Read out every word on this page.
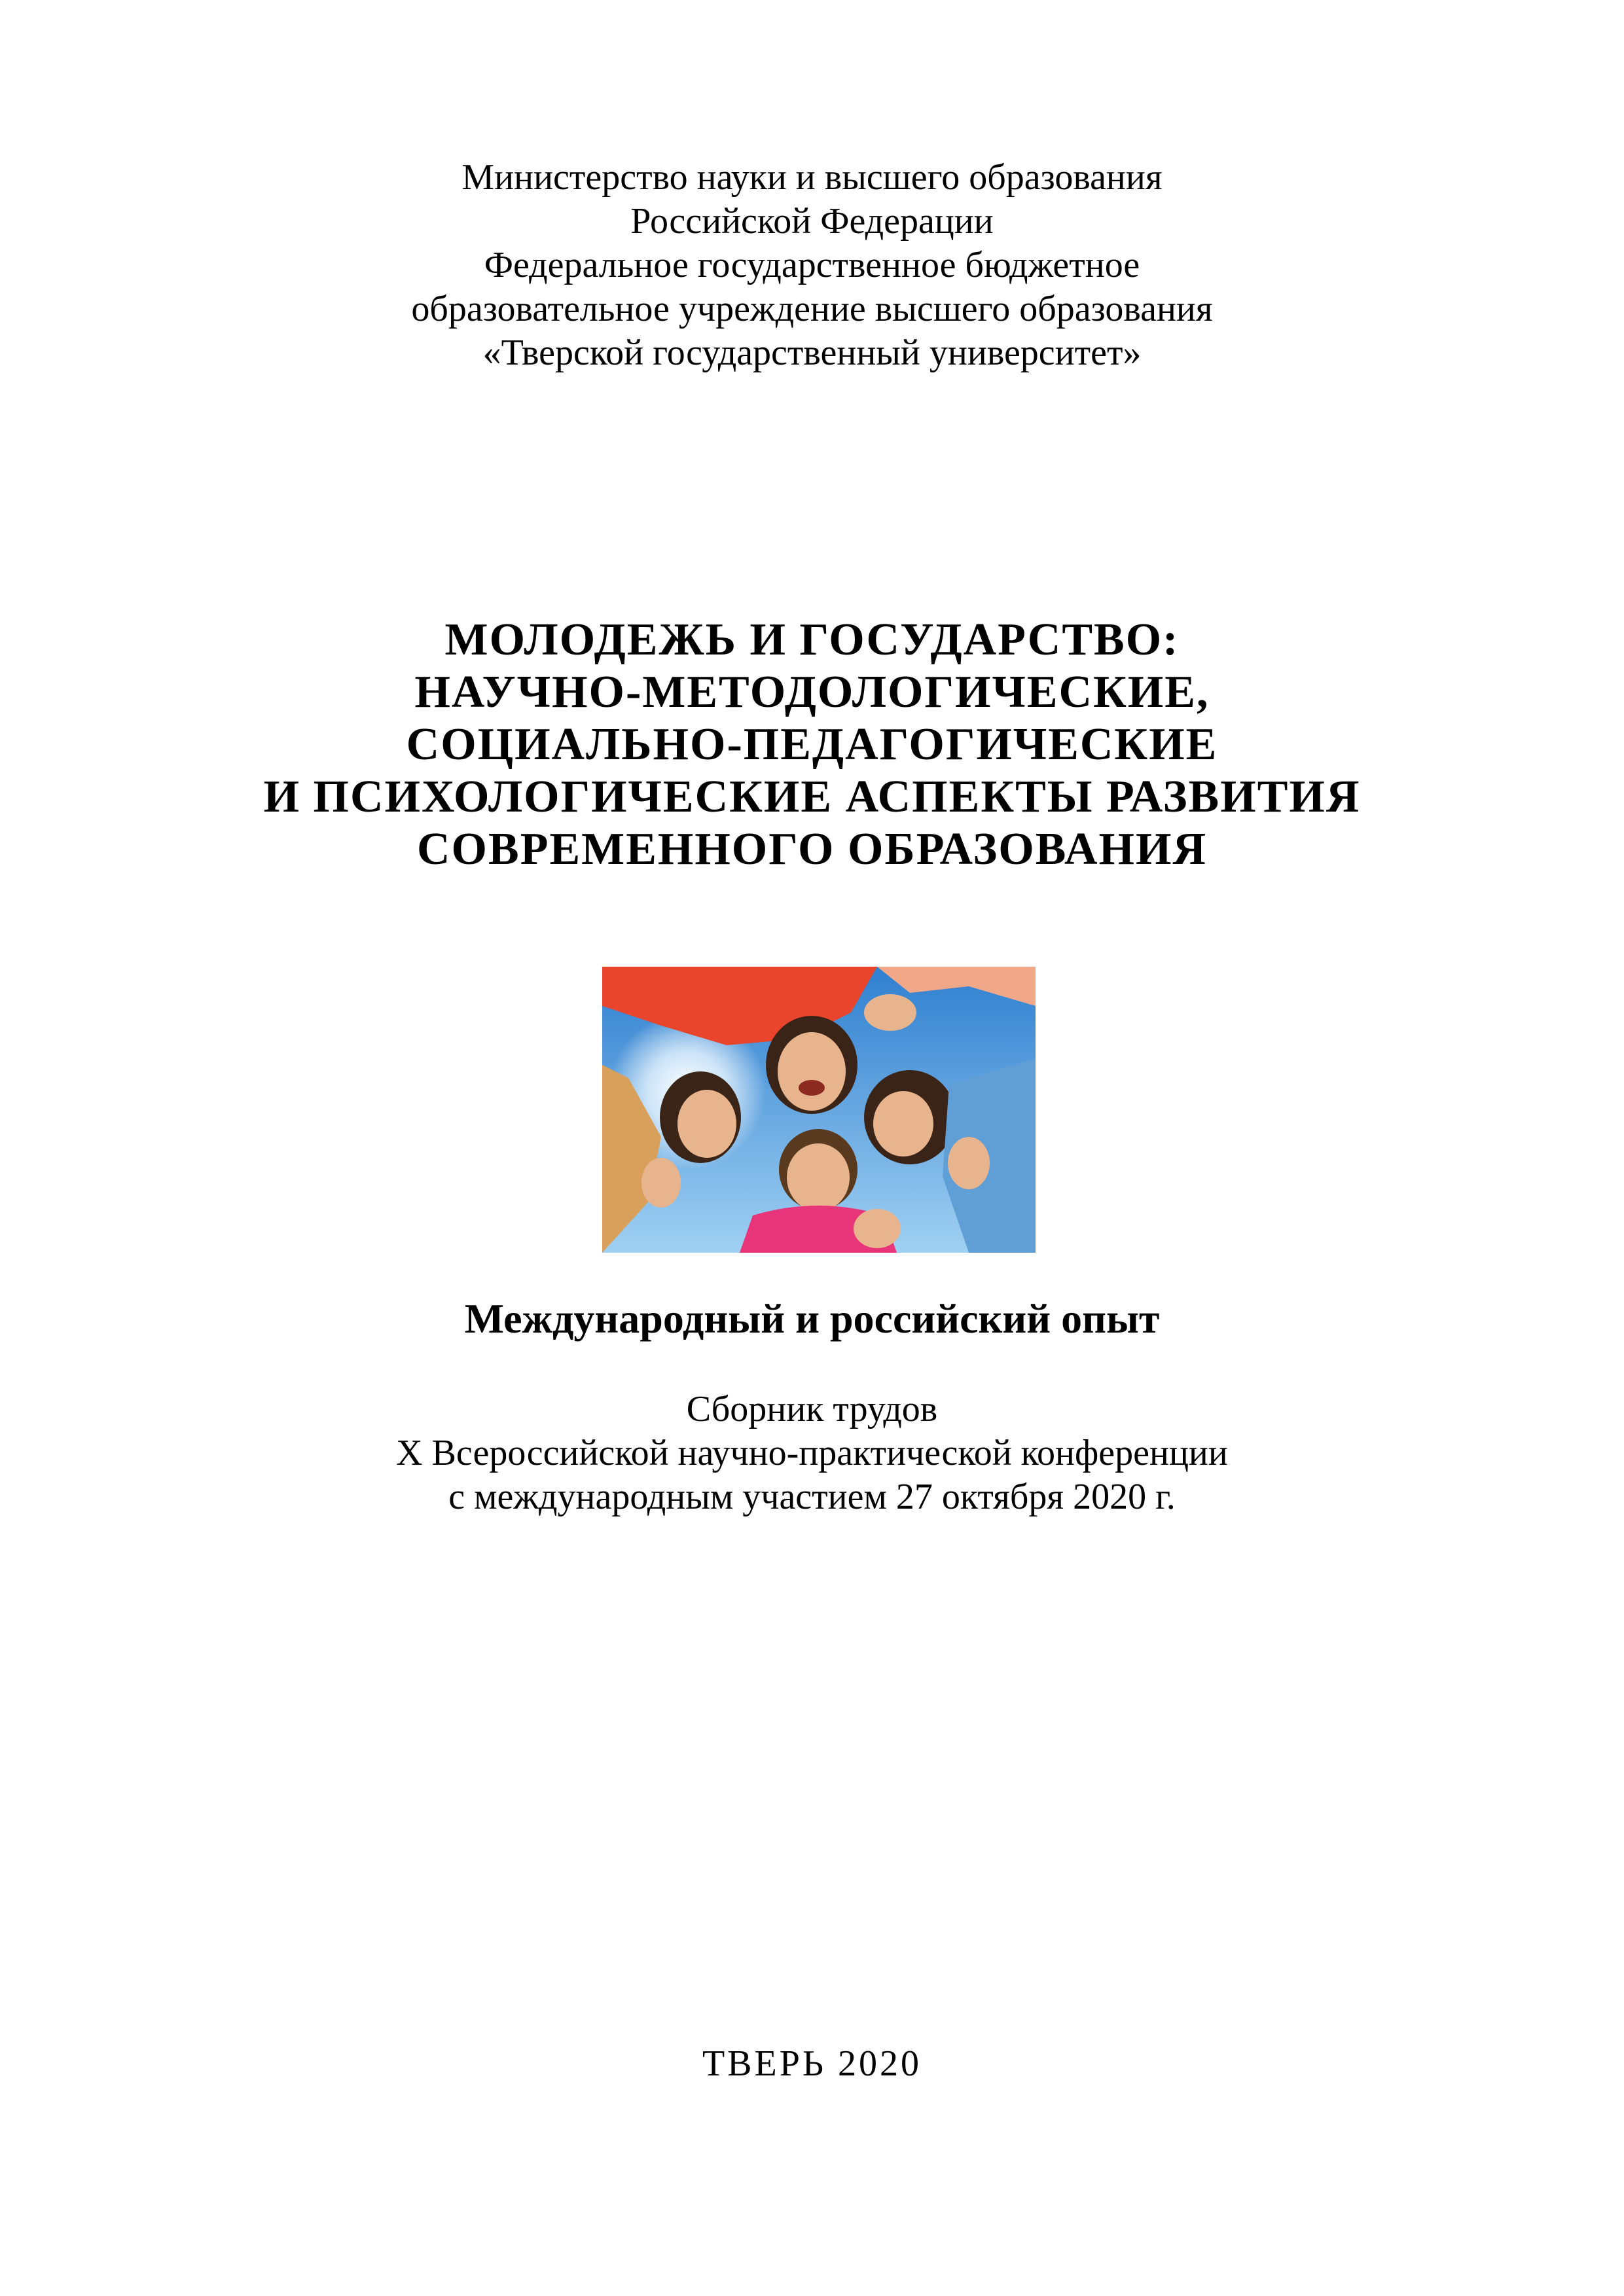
Министерство науки и высшего образования
Российской Федерации
Федеральное государственное бюджетное
образовательное учреждение высшего образования
«Тверской государственный университет»
МОЛОДЕЖЬ И ГОСУДАРСТВО:
НАУЧНО-МЕТОДОЛОГИЧЕСКИЕ,
СОЦИАЛЬНО-ПЕДАГОГИЧЕСКИЕ
И ПСИХОЛОГИЧЕСКИЕ АСПЕКТЫ РАЗВИТИЯ
СОВРЕМЕННОГО ОБРАЗОВАНИЯ
Международный и российский опыт
Сборник трудов
X Всероссийской научно-практической конференции
с международным участием 27 октября 2020 г.
ТВЕРЬ 2020
